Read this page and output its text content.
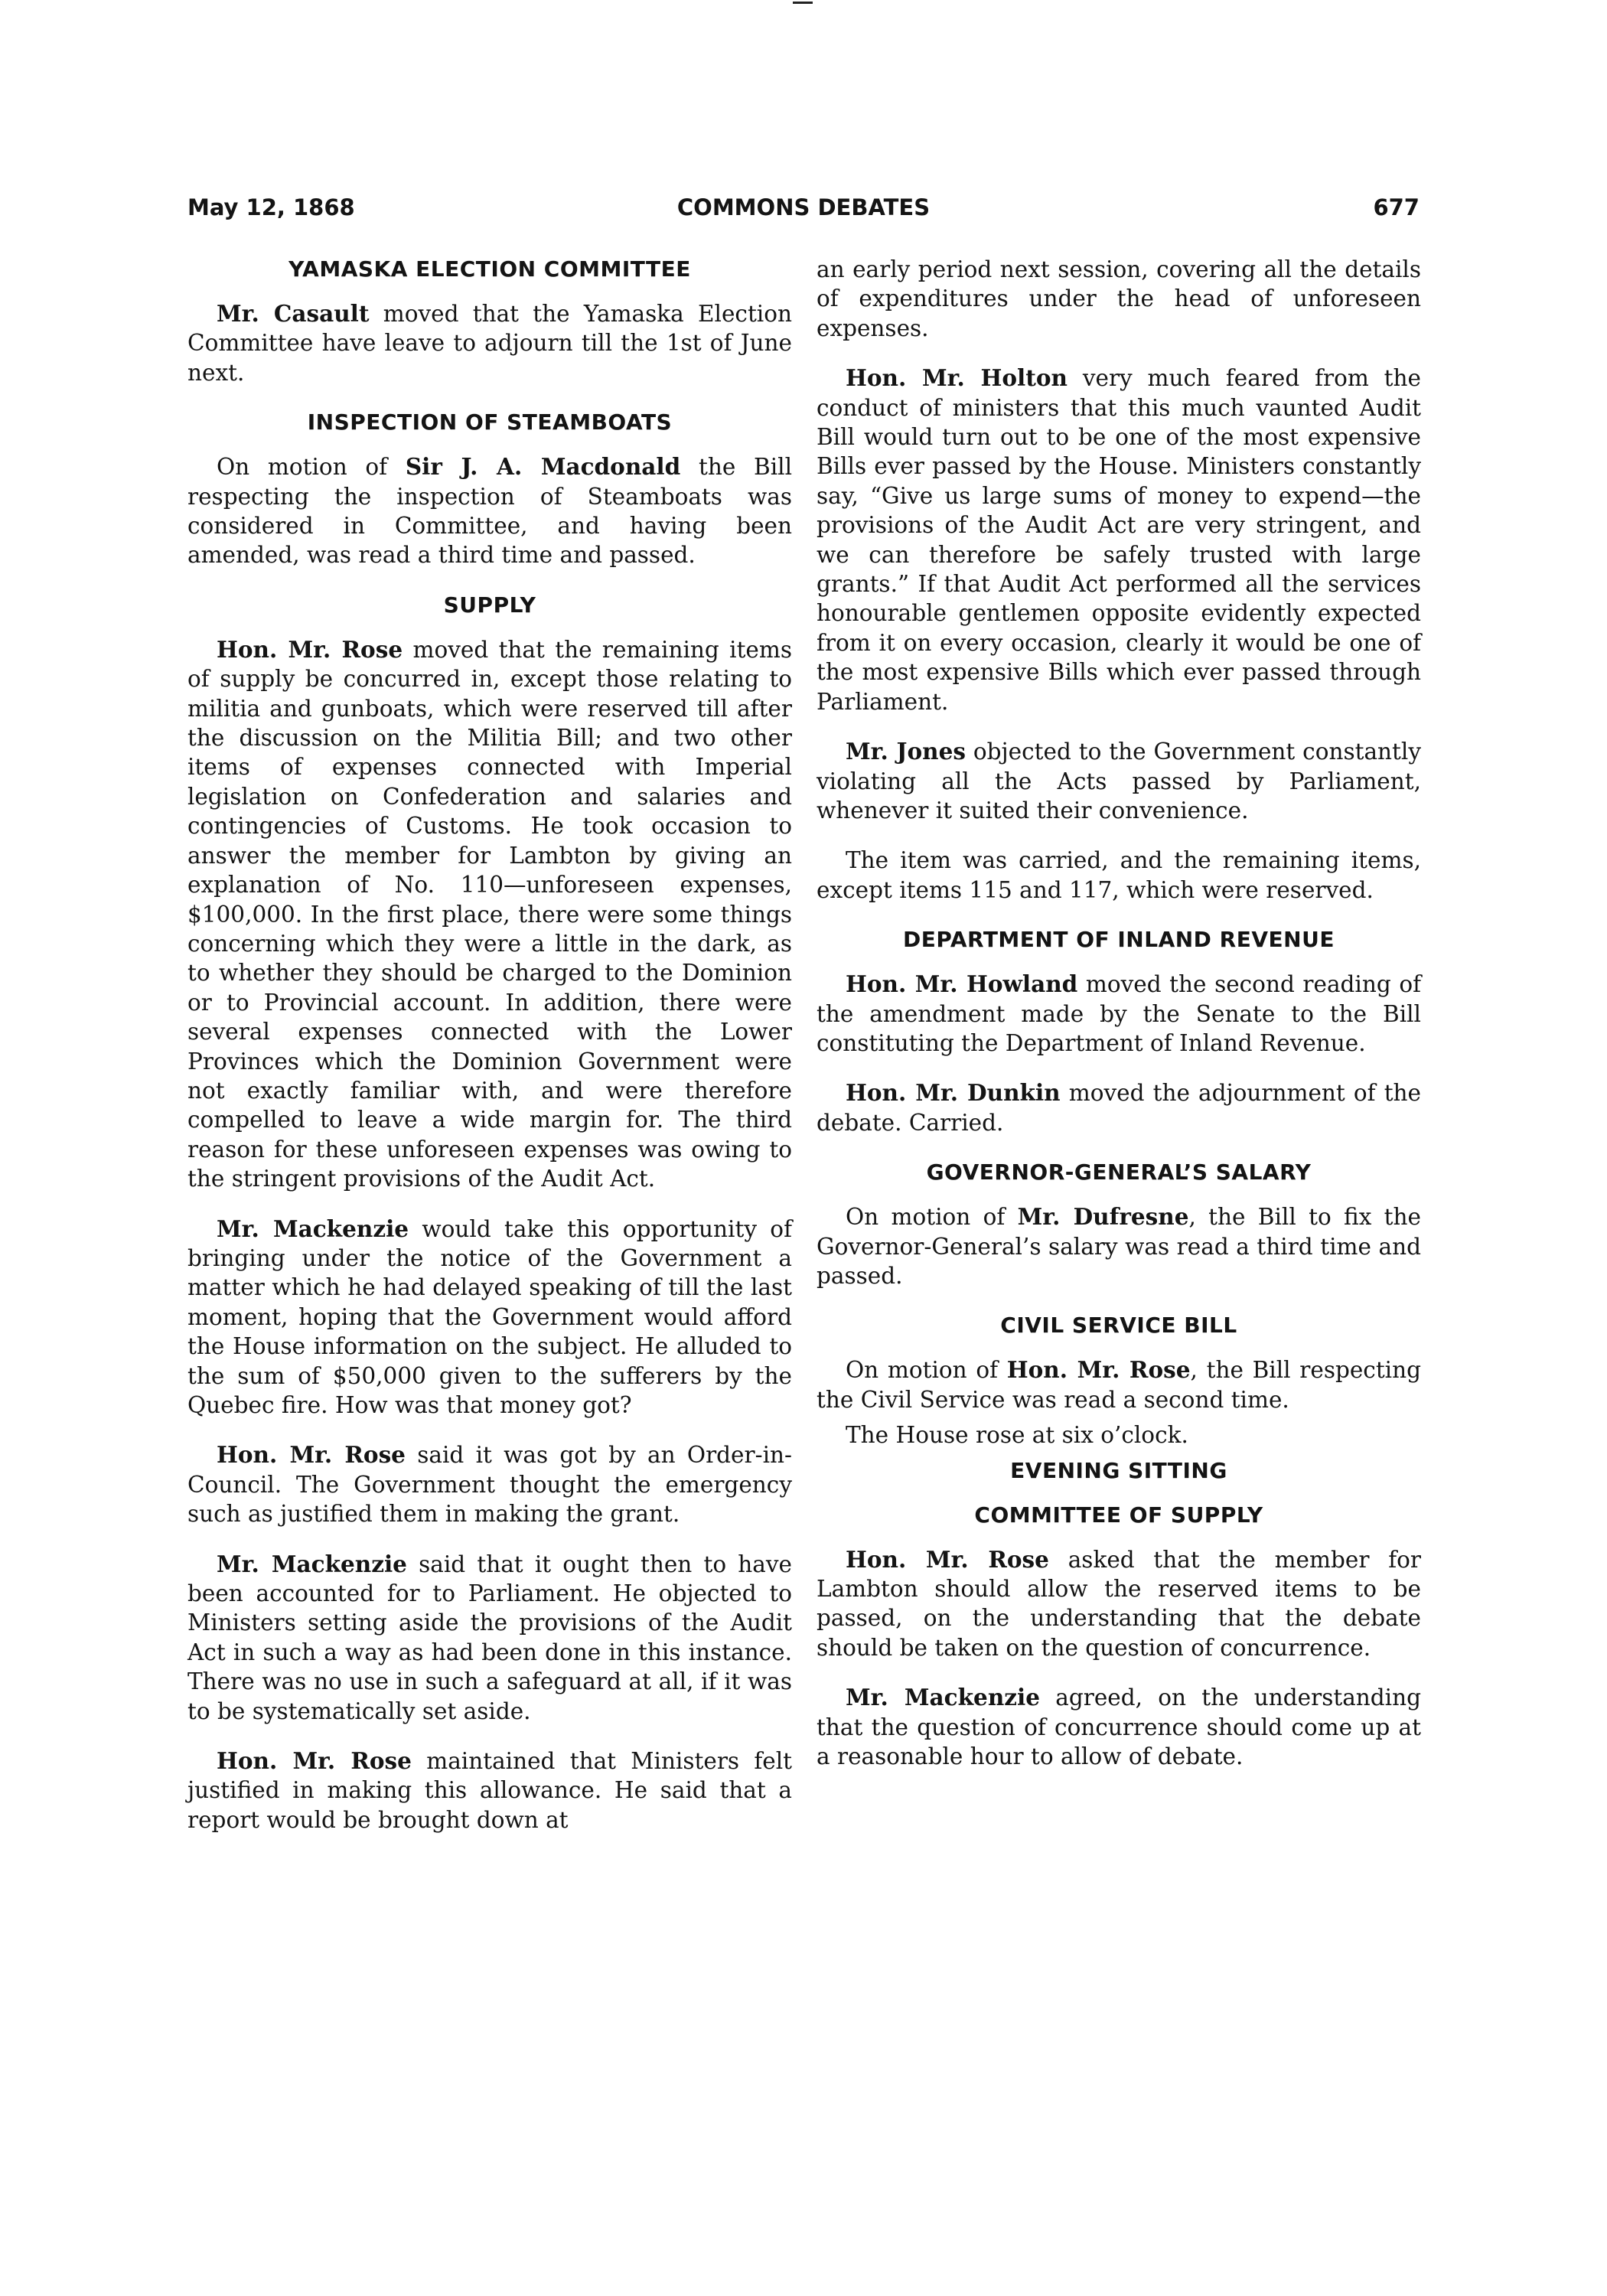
May 12, 1868	COMMONS DEBATES	677
YAMASKA ELECTION COMMITTEE

Mr. Casault moved that the Yamaska Election Committee have leave to adjourn till the 1st of June next.

INSPECTION OF STEAMBOATS

On motion of Sir J. A. Macdonald the Bill respecting the inspection of Steamboats was considered in Committee, and having been amended, was read a third time and passed.

SUPPLY

Hon. Mr. Rose moved that the remaining items of supply be concurred in, except those relating to militia and gunboats, which were reserved till after the discussion on the Militia Bill; and two other items of expenses connected with Imperial legislation on Confederation and salaries and contingencies of Customs. He took occasion to answer the member for Lambton by giving an explanation of No. 110—unforeseen expenses, $100,000. In the first place, there were some things concerning which they were a little in the dark, as to whether they should be charged to the Dominion or to Provincial account. In addition, there were several expenses connected with the Lower Provinces which the Dominion Government were not exactly familiar with, and were therefore compelled to leave a wide margin for. The third reason for these unforeseen expenses was owing to the stringent provisions of the Audit Act.

Mr. Mackenzie would take this opportunity of bringing under the notice of the Government a matter which he had delayed speaking of till the last moment, hoping that the Government would afford the House information on the subject. He alluded to the sum of $50,000 given to the sufferers by the Quebec fire. How was that money got?

Hon. Mr. Rose said it was got by an Order-in-Council. The Government thought the emergency such as justified them in making the grant.

Mr. Mackenzie said that it ought then to have been accounted for to Parliament. He objected to Ministers setting aside the provisions of the Audit Act in such a way as had been done in this instance. There was no use in such a safeguard at all, if it was to be systematically set aside.

Hon. Mr. Rose maintained that Ministers felt justified in making this allowance. He said that a report would be brought down at

an early period next session, covering all the details of expenditures under the head of unforeseen expenses.

Hon. Mr. Holton very much feared from the conduct of ministers that this much vaunted Audit Bill would turn out to be one of the most expensive Bills ever passed by the House. Ministers constantly say, “Give us large sums of money to expend—the provisions of the Audit Act are very stringent, and we can therefore be safely trusted with large grants.” If that Audit Act performed all the services honourable gentlemen opposite evidently expected from it on every occasion, clearly it would be one of the most expensive Bills which ever passed through Parliament.

Mr. Jones objected to the Government constantly violating all the Acts passed by Parliament, whenever it suited their convenience.

The item was carried, and the remaining items, except items 115 and 117, which were reserved.

DEPARTMENT OF INLAND REVENUE

Hon. Mr. Howland moved the second reading of the amendment made by the Senate to the Bill constituting the Department of Inland Revenue.

Hon. Mr. Dunkin moved the adjournment of the debate. Carried.

GOVERNOR-GENERAL’S SALARY

On motion of Mr. Dufresne, the Bill to fix the Governor-General’s salary was read a third time and passed.

CIVIL SERVICE BILL

On motion of Hon. Mr. Rose, the Bill respecting the Civil Service was read a second time.

The House rose at six o’clock.

EVENING SITTING
COMMITTEE OF SUPPLY

Hon. Mr. Rose asked that the member for Lambton should allow the reserved items to be passed, on the understanding that the debate should be taken on the question of concurrence.

Mr. Mackenzie agreed, on the understanding that the question of concurrence should come up at a reasonable hour to allow of debate.
